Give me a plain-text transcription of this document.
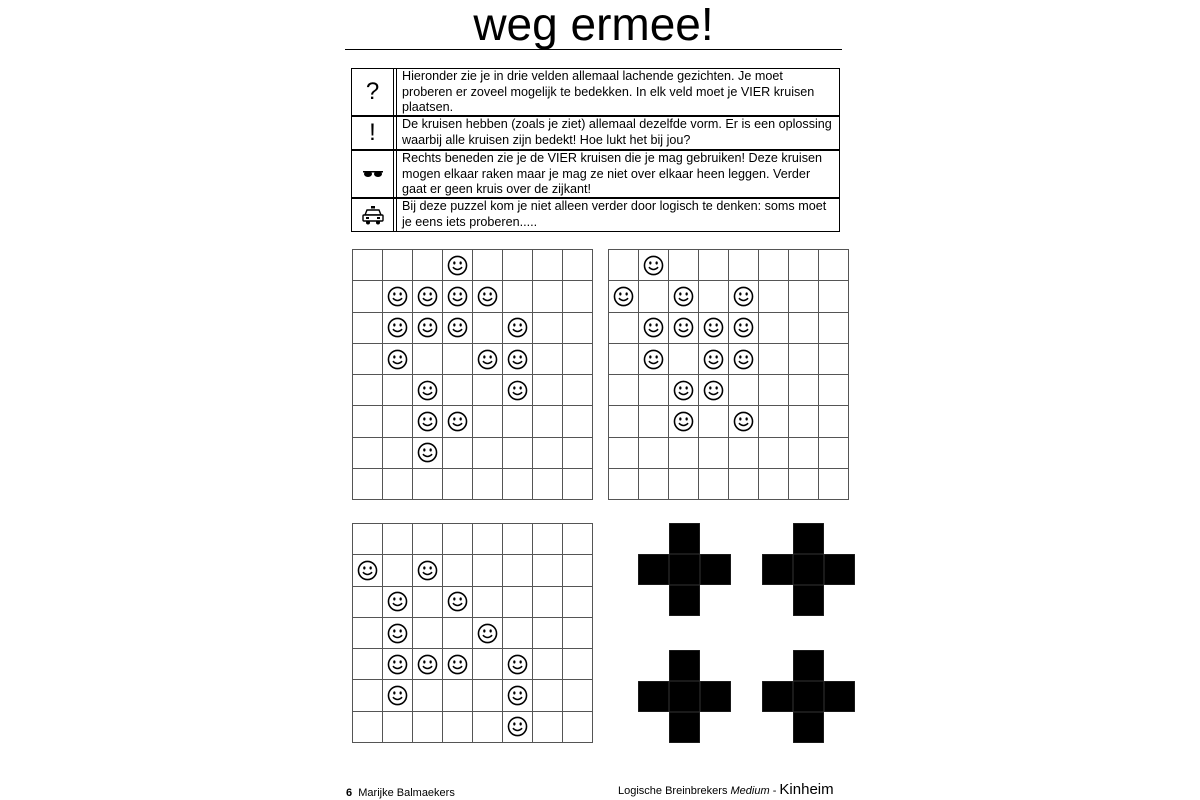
weg ermee!
?
Hieronder zie je in drie velden allemaal lachende gezichten. Je moet proberen er zoveel mogelijk te bedekken. In elk veld moet je VIER kruisen plaatsen.
! De kruisen hebben (zoals je ziet) allemaal dezelfde vorm. Er is een oplossing waarbij alle kruisen zijn bedekt! Hoe lukt het bij jou?
Rechts beneden zie je de VIER kruisen die je mag gebruiken! Deze kruisen mogen elkaar raken maar je mag ze niet over elkaar heen leggen. Verder gaat er geen kruis over de zijkant!
Bij deze puzzel kom je niet alleen verder door logisch te denken: soms moet je eens iets proberen.....

6 Marijke Balmaekers	Logische Breinbrekers Medium - Kinheim
